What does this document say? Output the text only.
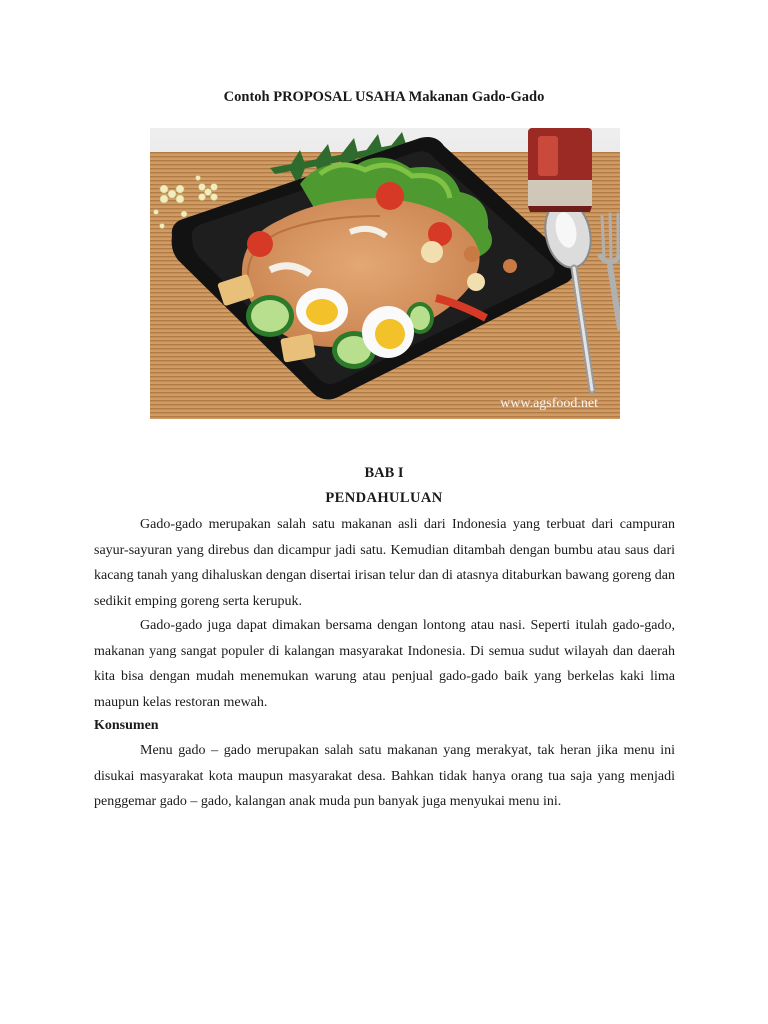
Contoh PROPOSAL USAHA Makanan Gado-Gado
www.agsfood.net
BAB I
PENDAHULUAN

Gado-gado merupakan salah satu makanan asli dari Indonesia yang terbuat dari campuran sayur-sayuran yang direbus dan dicampur jadi satu. Kemudian ditambah dengan bumbu atau saus dari kacang tanah yang dihaluskan dengan disertai irisan telur dan di atasnya ditaburkan bawang goreng dan sedikit emping goreng serta kerupuk.

Gado-gado juga dapat dimakan bersama dengan lontong atau nasi. Seperti itulah gado-gado, makanan yang sangat populer di kalangan masyarakat Indonesia. Di semua sudut wilayah dan daerah kita bisa dengan mudah menemukan warung atau penjual gado-gado baik yang berkelas kaki lima maupun kelas restoran mewah.

Konsumen

Menu gado – gado merupakan salah satu makanan yang merakyat, tak heran jika menu ini disukai masyarakat kota maupun masyarakat desa. Bahkan tidak hanya orang tua saja yang menjadi penggemar gado – gado, kalangan anak muda pun banyak juga menyukai menu ini.
